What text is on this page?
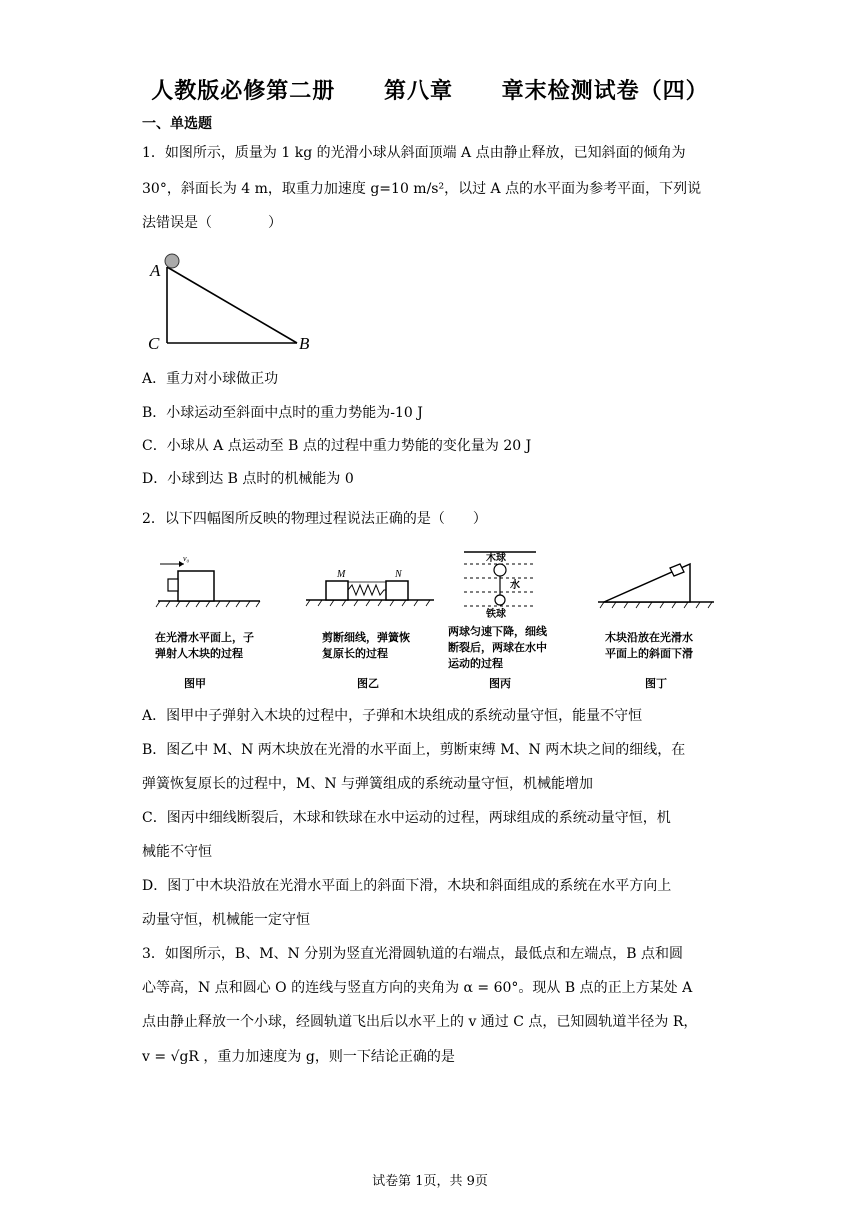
人教版必修第二册 第八章 章末检测试卷（四）
一、单选题
1．如图所示，质量为 1 kg 的光滑小球从斜面顶端 A 点由静止释放，已知斜面的倾角为
30°，斜面长为 4 m，取重力加速度 g=10 m/s²，以过 A 点的水平面为参考平面，下列说
法错误是（　　　　）
A
C	B
A．重力对小球做正功
B．小球运动至斜面中点时的重力势能为-10 J
C．小球从 A 点运动至 B 点的过程中重力势能的变化量为 20 J
D．小球到达 B 点时的机械能为 0
2．以下四幅图所反映的物理过程说法正确的是（　　）
v₀
在光滑水平面上，子
弹射人木块的过程
图甲
M	N
剪断细线，弹簧恢
复原长的过程
图乙
木球
水
铁球
两球匀速下降，细线
断裂后，两球在水中
运动的过程
图丙
木块沿放在光滑水
平面上的斜面下滑
图丁
A．图甲中子弹射入木块的过程中，子弹和木块组成的系统动量守恒，能量不守恒
B．图乙中 M、N 两木块放在光滑的水平面上，剪断束缚 M、N 两木块之间的细线，在
弹簧恢复原长的过程中，M、N 与弹簧组成的系统动量守恒，机械能增加
C．图丙中细线断裂后，木球和铁球在水中运动的过程，两球组成的系统动量守恒，机
械能不守恒
D．图丁中木块沿放在光滑水平面上的斜面下滑，木块和斜面组成的系统在水平方向上
动量守恒，机械能一定守恒
3．如图所示，B、M、N 分别为竖直光滑圆轨道的右端点，最低点和左端点，B 点和圆
心等高，N 点和圆心 O 的连线与竖直方向的夹角为 α = 60°。现从 B 点的正上方某处 A
点由静止释放一个小球，经圆轨道飞出后以水平上的 v 通过 C 点，已知圆轨道半径为 R，
v = √gR ，重力加速度为 g，则一下结论正确的是
试卷第 1页，共 9页
